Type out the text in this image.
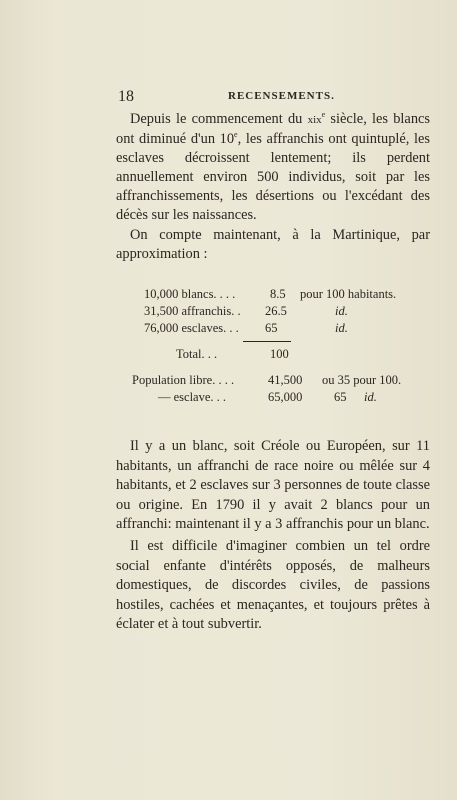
18	RECENSEMENTS.

Depuis le commencement du xix$^e$ siècle, les blancs ont diminué d'un 10e, les affranchis ont quintuplé, les esclaves décroissent lentement; ils perdent annuellement environ 500 individus, soit par les affranchissements, les désertions ou l'excédant des décès sur les naissances.

On compte maintenant, à la Martinique, par approximation :

10,000 blancs. . . .	8.5 pour 100 habitants.
31,500 affranchis. . 26.5	id.
76,000 esclaves. . . 65	id.
Total. . .	100
Population libre. . . .	41,500 ou 35 pour 100.
— esclave. . .	65,000	65 id.

Il y a un blanc, soit Créole ou Européen, sur 11 habitants, un affranchi de race noire ou mêlée sur 4 habitants, et 2 esclaves sur 3 personnes de toute classe ou origine. En 1790 il y avait 2 blancs pour un affranchi: maintenant il y a 3 affranchis pour un blanc.

Il est difficile d'imaginer combien un tel ordre social enfante d'intérêts opposés, de malheurs domestiques, de discordes civiles, de passions hostiles, cachées et menaçantes, et toujours prêtes à éclater et à tout subvertir.
